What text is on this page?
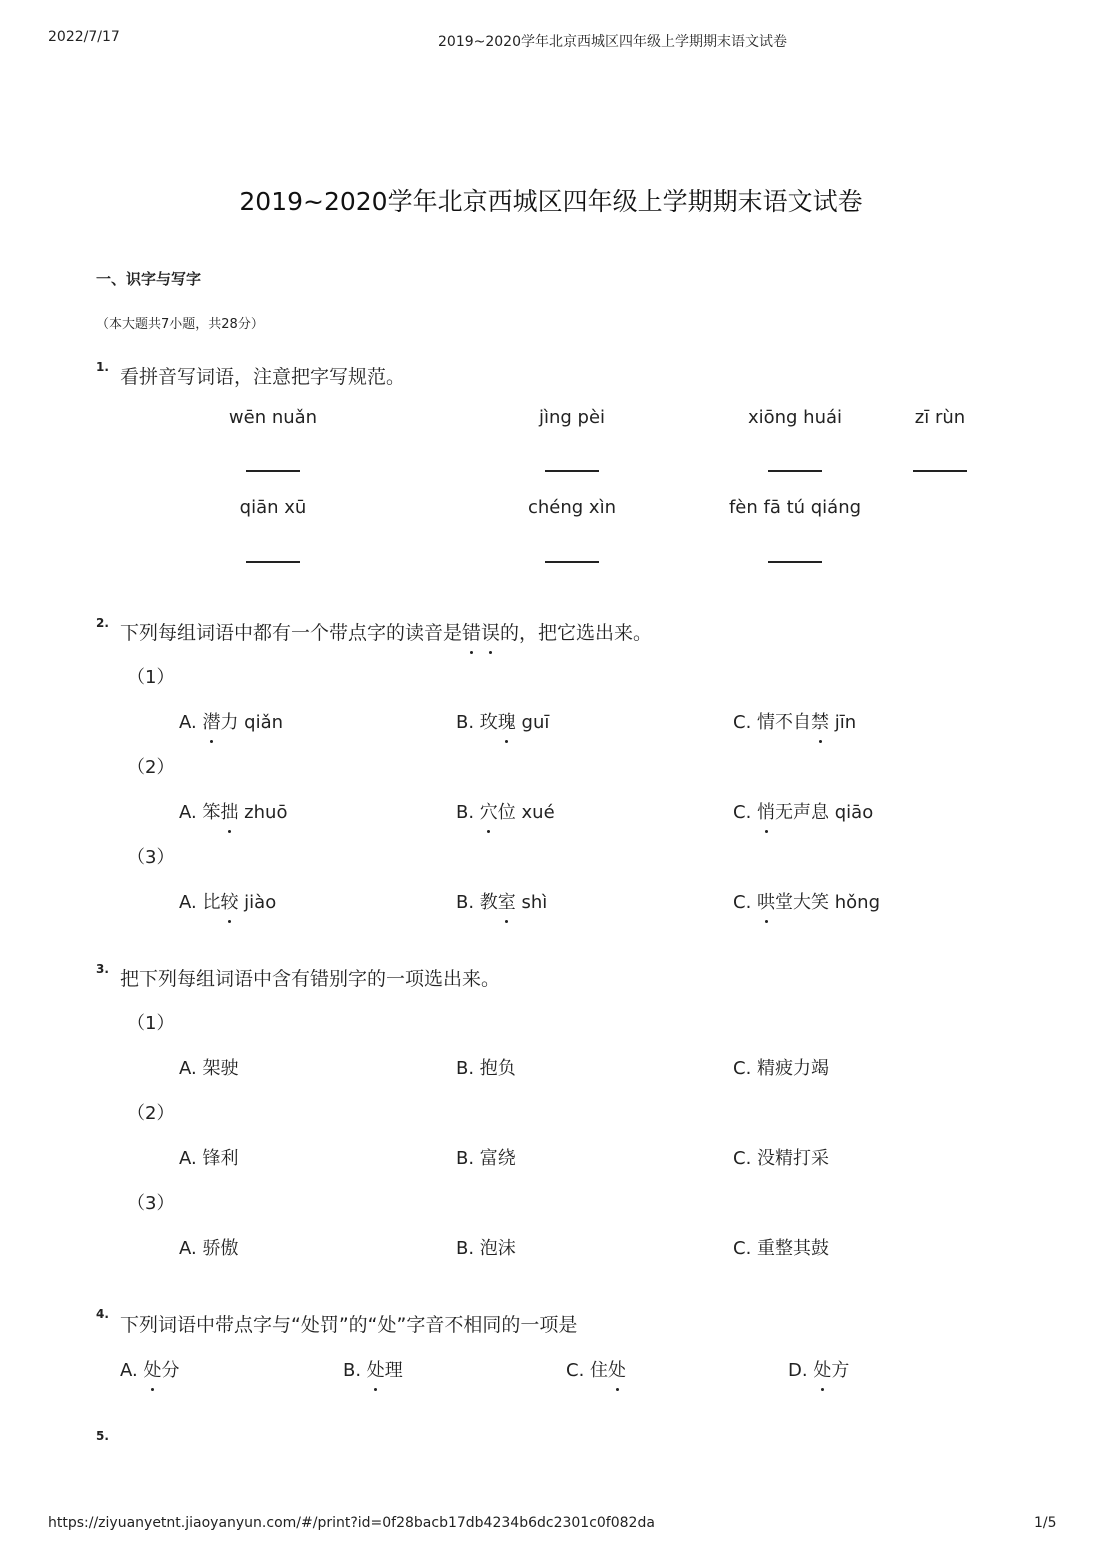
2022/7/17	2019~2020学年北京西城区四年级上学期期末语文试卷
2019~2020学年北京西城区四年级上学期期末语文试卷
一、识字与写字
（本大题共7小题，共28分）
1. 看拼音写词语，注意把字写规范。
wēn nuǎn	jìng pèi	xiōng huái	zī rùn
qiān xū	chéng xìn	fèn fā tú qiáng
2. 下列每组词语中都有一个带点字的读音是错误的，把它选出来。
（1）
A. 潜力 qiǎn	B. 玫瑰 guī	C. 情不自禁 jīn
（2）
A. 笨拙 zhuō	B. 穴位 xué	C. 悄无声息 qiāo
（3）
A. 比较 jiào	B. 教室 shì	C. 哄堂大笑 hǒng
3. 把下列每组词语中含有错别字的一项选出来。
（1）
A. 架驶	B. 抱负	C. 精疲力竭
（2）
A. 锋利	B. 富绕	C. 没精打采
（3）
A. 骄傲	B. 泡沫	C. 重整其鼓
4. 下列词语中带点字与“处罚”的“处”字音不相同的一项是
A. 处分	B. 处理	C. 住处	D. 处方
5.
https://ziyuanyetnt.jiaoyanyun.com/#/print?id=0f28bacb17db4234b6dc2301c0f082da	1/5
